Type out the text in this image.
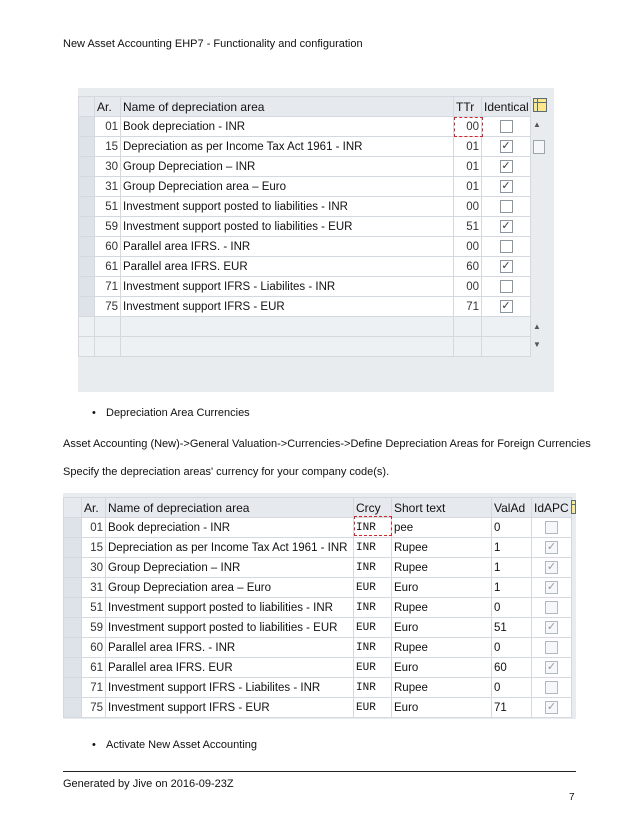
New Asset Accounting EHP7 - Functionality and configuration
	Ar.	Name of depreciation area	TTr	Identical
	01	Book depreciation - INR	00	
	15	Depreciation as per Income Tax Act 1961 - INR	01	✓
	30	Group Depreciation – INR	01	✓
	31	Group Depreciation area – Euro	01	✓
	51	Investment support posted to liabilities - INR	00	
	59	Investment support posted to liabilities - EUR	51	✓
	60	Parallel area IFRS. - INR	00	
	61	Parallel area IFRS. EUR	60	✓
	71	Investment support IFRS - Liabilites - INR	00	
	75	Investment support IFRS - EUR	71	✓

▲
▲
▼
• Depreciation Area Currencies
Asset Accounting (New)->General Valuation->Currencies->Define Depreciation Areas for Foreign Currencies
Specify the depreciation areas' currency for your company code(s).
	Ar.	Name of depreciation area	Crcy	Short text	ValAd	IdAPC
	01	Book depreciation - INR	INR	pee	0	
	15	Depreciation as per Income Tax Act 1961 - INR	INR	Rupee	1	✓
	30	Group Depreciation – INR	INR	Rupee	1	✓
	31	Group Depreciation area – Euro	EUR	Euro	1	✓
	51	Investment support posted to liabilities - INR	INR	Rupee	0	
	59	Investment support posted to liabilities - EUR	EUR	Euro	51	✓
	60	Parallel area IFRS. - INR	INR	Rupee	0	
	61	Parallel area IFRS. EUR	EUR	Euro	60	✓
	71	Investment support IFRS - Liabilites - INR	INR	Rupee	0	
	75	Investment support IFRS - EUR	EUR	Euro	71	✓
• Activate New Asset Accounting
Generated by Jive on 2016-09-23Z
7
